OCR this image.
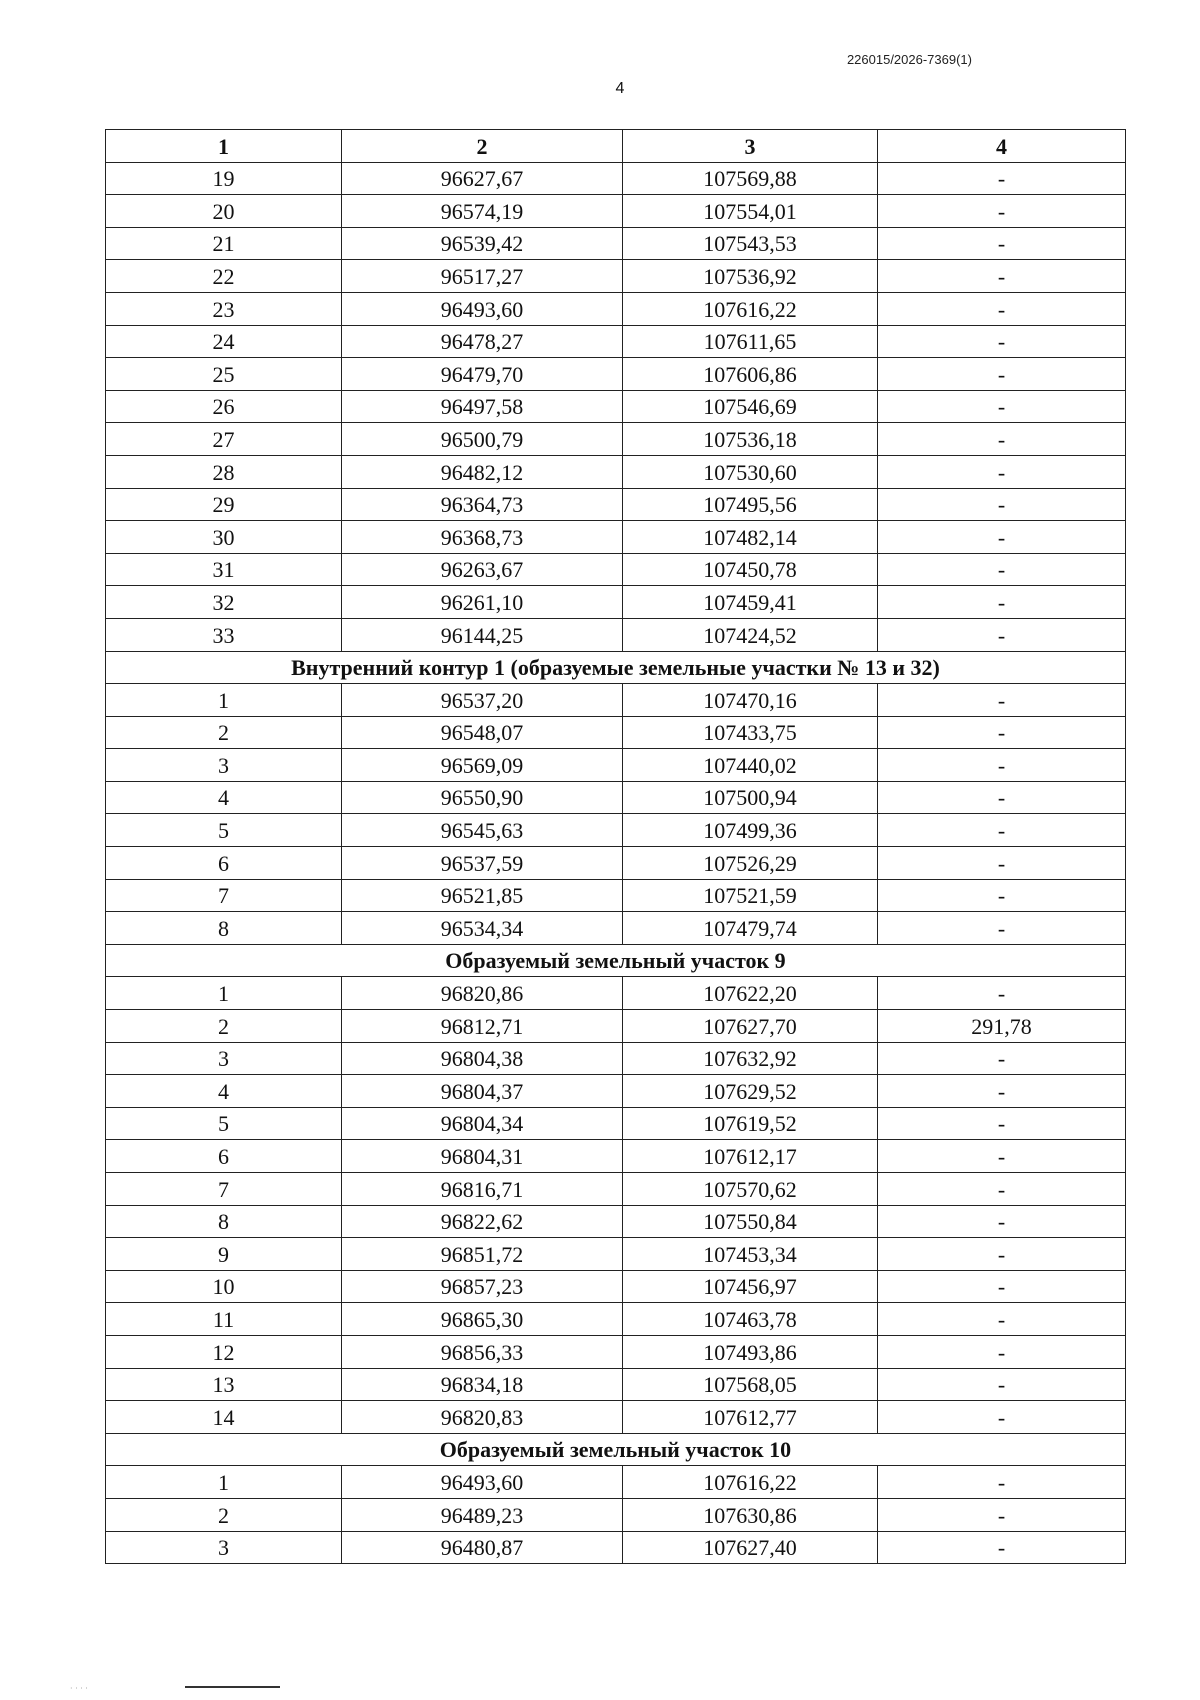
226015/2026-7369(1)
4
1	2	3	4
19	96627,67	107569,88	-
20	96574,19	107554,01	-
21	96539,42	107543,53	-
22	96517,27	107536,92	-
23	96493,60	107616,22	-
24	96478,27	107611,65	-
25	96479,70	107606,86	-
26	96497,58	107546,69	-
27	96500,79	107536,18	-
28	96482,12	107530,60	-
29	96364,73	107495,56	-
30	96368,73	107482,14	-
31	96263,67	107450,78	-
32	96261,10	107459,41	-
33	96144,25	107424,52	-
Внутренний контур 1 (образуемые земельные участки № 13 и 32)			
1	96537,20	107470,16	-
2	96548,07	107433,75	-
3	96569,09	107440,02	-
4	96550,90	107500,94	-
5	96545,63	107499,36	-
6	96537,59	107526,29	-
7	96521,85	107521,59	-
8	96534,34	107479,74	-
Образуемый земельный участок 9			
1	96820,86	107622,20	-
2	96812,71	107627,70	291,78
3	96804,38	107632,92	-
4	96804,37	107629,52	-
5	96804,34	107619,52	-
6	96804,31	107612,17	-
7	96816,71	107570,62	-
8	96822,62	107550,84	-
9	96851,72	107453,34	-
10	96857,23	107456,97	-
11	96865,30	107463,78	-
12	96856,33	107493,86	-
13	96834,18	107568,05	-
14	96820,83	107612,77	-
Образуемый земельный участок 10			
1	96493,60	107616,22	-
2	96489,23	107630,86	-
3	96480,87	107627,40	-
· · · ·
